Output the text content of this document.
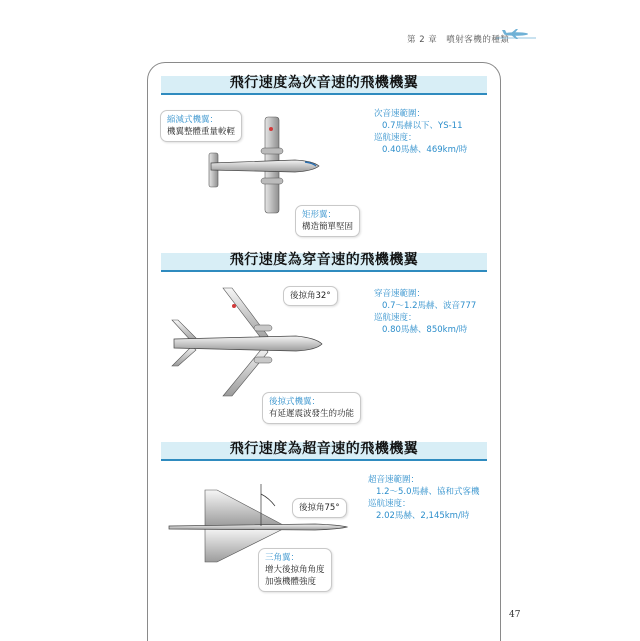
第 2 章　噴射客機的種類
飛行速度為次音速的飛機機翼
縮減式機翼：
機翼整體重量較輕
矩形翼：
構造簡單堅固
次音速範圍：
0.7馬赫以下、YS-11
巡航速度：
0.40馬赫、469km/時
飛行速度為穿音速的飛機機翼
後掠角32°
後掠式機翼：
有延遲震波發生的功能
穿音速範圍：
0.7～1.2馬赫、波音777
巡航速度：
0.80馬赫、850km/時
飛行速度為超音速的飛機機翼
後掠角75°
三角翼：
增大後掠角角度
加強機體強度
超音速範圍：
1.2～5.0馬赫、協和式客機
巡航速度：
2.02馬赫、2,145km/時
47
